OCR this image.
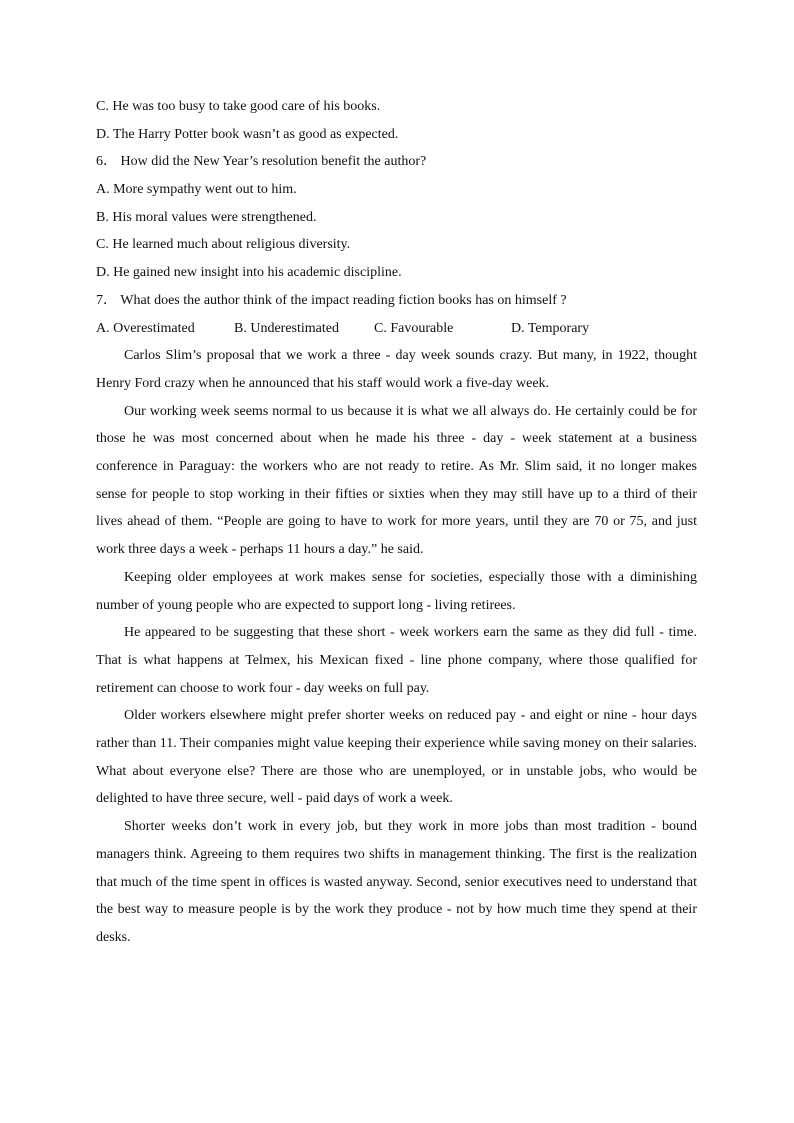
C. He was too busy to take good care of his books.
D. The Harry Potter book wasn’t as good as expected.
6． How did the New Year’s resolution benefit the author?
A. More sympathy went out to him.
B. His moral values were strengthened.
C. He learned much about religious diversity.
D. He gained new insight into his academic discipline.
7． What does the author think of the impact reading fiction books has on himself ?
A. Overestimated	B. Underestimated	C. Favourable	D. Temporary

Carlos Slim’s proposal that we work a three - day week sounds crazy. But many, in 1922, thought Henry Ford crazy when he announced that his staff would work a five-day week.

Our working week seems normal to us because it is what we all always do. He certainly could be for those he was most concerned about when he made his three - day - week statement at a business conference in Paraguay: the workers who are not ready to retire. As Mr. Slim said, it no longer makes sense for people to stop working in their fifties or sixties when they may still have up to a third of their lives ahead of them. “People are going to have to work for more years, until they are 70 or 75, and just work three days a week - perhaps 11 hours a day.” he said.

Keeping older employees at work makes sense for societies, especially those with a diminishing number of young people who are expected to support long - living retirees.

He appeared to be suggesting that these short - week workers earn the same as they did full - time. That is what happens at Telmex, his Mexican fixed - line phone company, where those qualified for retirement can choose to work four - day weeks on full pay.

Older workers elsewhere might prefer shorter weeks on reduced pay - and eight or nine - hour days rather than 11. Their companies might value keeping their experience while saving money on their salaries. What about everyone else? There are those who are unemployed, or in unstable jobs, who would be delighted to have three secure, well - paid days of work a week.

Shorter weeks don’t work in every job, but they work in more jobs than most tradition - bound managers think. Agreeing to them requires two shifts in management thinking. The first is the realization that much of the time spent in offices is wasted anyway. Second, senior executives need to understand that the best way to measure people is by the work they produce - not by how much time they spend at their desks.
